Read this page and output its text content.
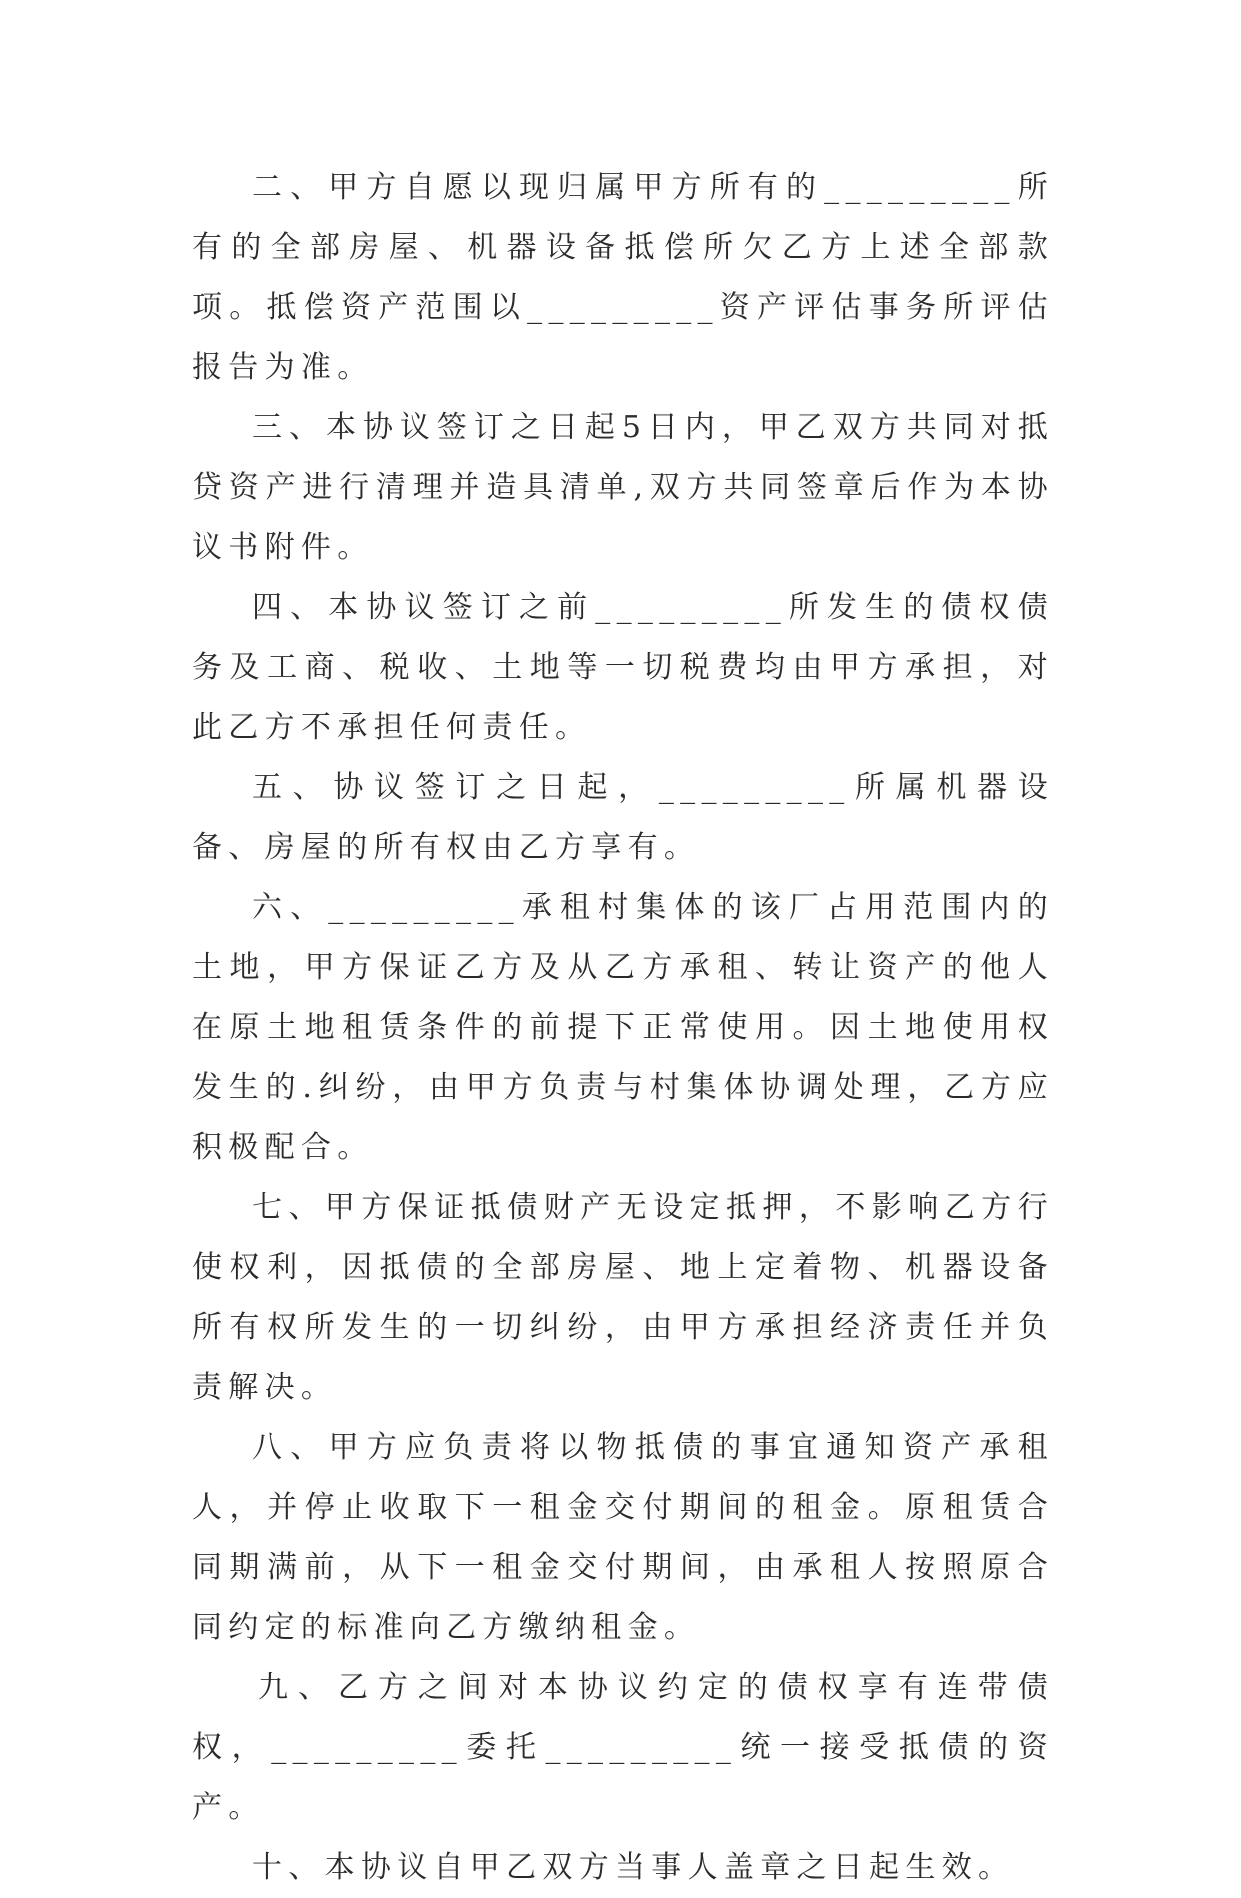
二、甲方自愿以现归属甲方所有的_________所有的全部房屋、机器设备抵偿所欠乙方上述全部款项。抵偿资产范围以_________资产评估事务所评估报告为准。

三、本协议签订之日起5日内，甲乙双方共同对抵贷资产进行清理并造具清单,双方共同签章后作为本协议书附件。

四、本协议签订之前_________所发生的债权债务及工商、税收、土地等一切税费均由甲方承担，对此乙方不承担任何责任。

五、协议签订之日起，_________所属机器设备、房屋的所有权由乙方享有。

六、_________承租村集体的该厂占用范围内的土地，甲方保证乙方及从乙方承租、转让资产的他人在原土地租赁条件的前提下正常使用。因土地使用权发生的.纠纷，由甲方负责与村集体协调处理，乙方应积极配合。

七、甲方保证抵债财产无设定抵押，不影响乙方行使权利，因抵债的全部房屋、地上定着物、机器设备所有权所发生的一切纠纷，由甲方承担经济责任并负责解决。

八、甲方应负责将以物抵债的事宜通知资产承租人，并停止收取下一租金交付期间的租金。原租赁合同期满前，从下一租金交付期间，由承租人按照原合同约定的标准向乙方缴纳租金。

九、乙方之间对本协议约定的债权享有连带债权，_________委托_________统一接受抵债的资产。

十、本协议自甲乙双方当事人盖章之日起生效。
